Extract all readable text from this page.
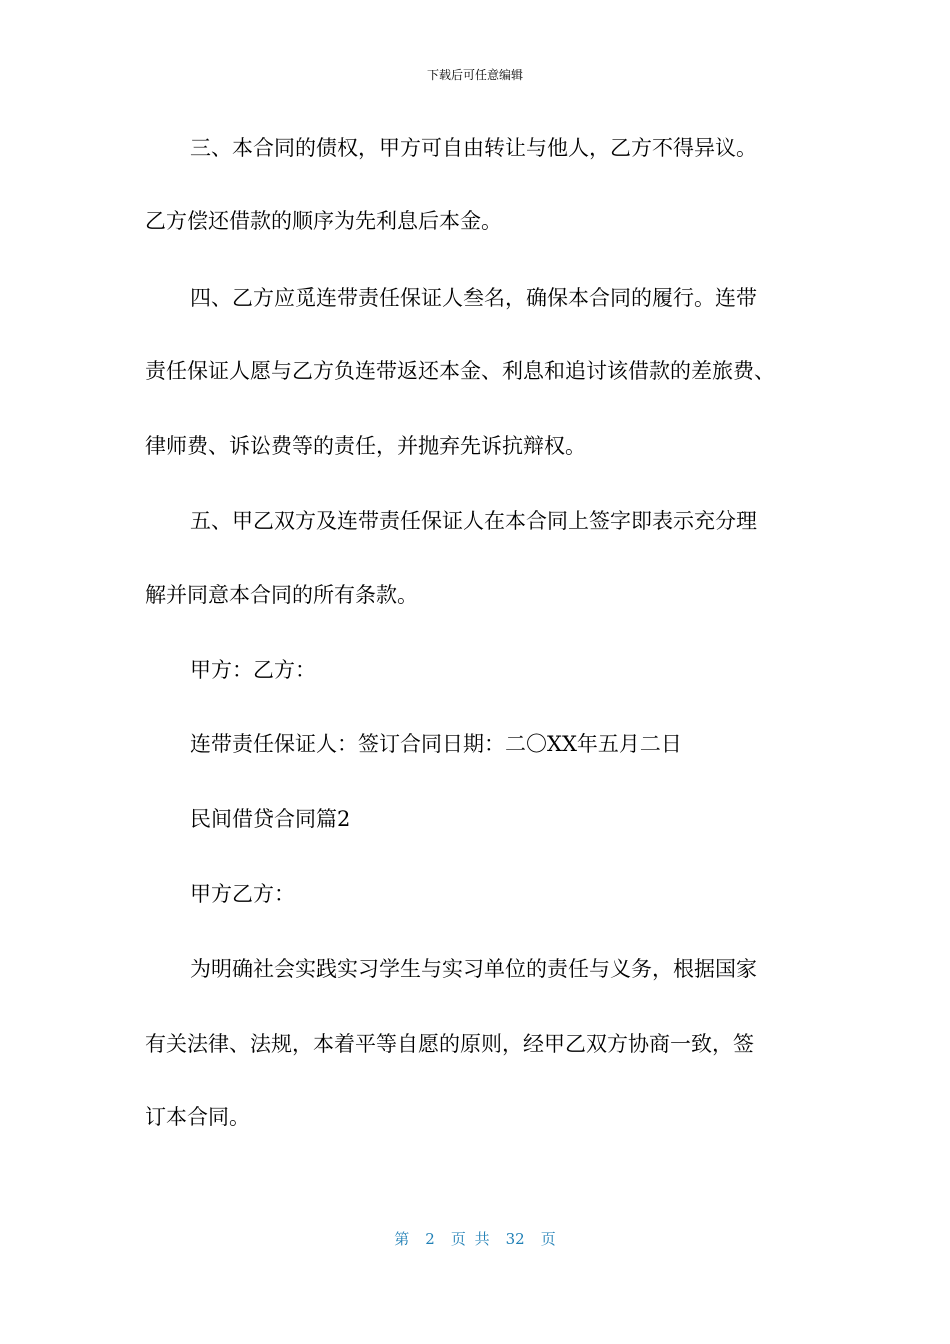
下载后可任意编辑
三、本合同的债权，甲方可自由转让与他人，乙方不得异议。
乙方偿还借款的顺序为先利息后本金。
四、乙方应觅连带责任保证人叁名，确保本合同的履行。连带
责任保证人愿与乙方负连带返还本金、利息和追讨该借款的差旅费、
律师费、诉讼费等的责任，并抛弃先诉抗辩权。
五、甲乙双方及连带责任保证人在本合同上签字即表示充分理
解并同意本合同的所有条款。
甲方：乙方：
连带责任保证人：签订合同日期：二〇XX年五月二日
民间借贷合同篇2
甲方乙方：
为明确社会实践实习学生与实习单位的责任与义务，根据国家
有关法律、法规，本着平等自愿的原则，经甲乙双方协商一致，签
订本合同。
第 2 页 共 32 页
